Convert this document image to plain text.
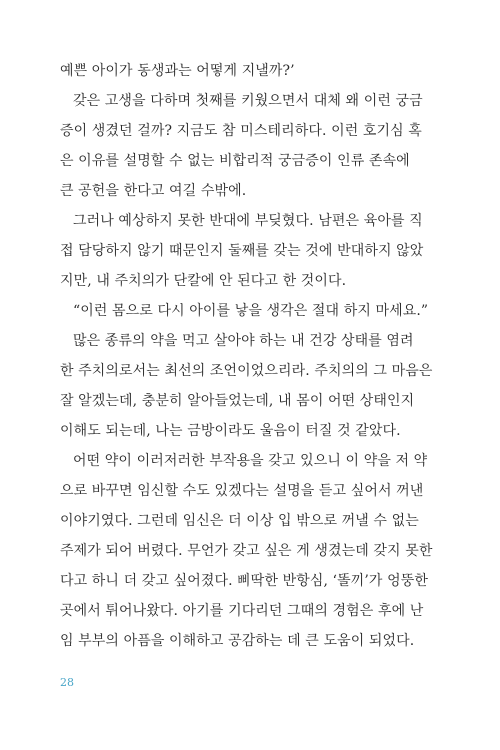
예쁜 아이가 동생과는 어떻게 지낼까?’

갖은 고생을 다하며 첫째를 키웠으면서 대체 왜 이런 궁금
증이 생겼던 걸까? 지금도 참 미스테리하다. 이런 호기심 혹
은 이유를 설명할 수 없는 비합리적 궁금증이 인류 존속에
큰 공헌을 한다고 여길 수밖에.

그러나 예상하지 못한 반대에 부딪혔다. 남편은 육아를 직
접 담당하지 않기 때문인지 둘째를 갖는 것에 반대하지 않았
지만, 내 주치의가 단칼에 안 된다고 한 것이다.

“이런 몸으로 다시 아이를 낳을 생각은 절대 하지 마세요.”

많은 종류의 약을 먹고 살아야 하는 내 건강 상태를 염려
한 주치의로서는 최선의 조언이었으리라. 주치의의 그 마음은
잘 알겠는데, 충분히 알아들었는데, 내 몸이 어떤 상태인지
이해도 되는데, 나는 금방이라도 울음이 터질 것 같았다.

어떤 약이 이러저러한 부작용을 갖고 있으니 이 약을 저 약
으로 바꾸면 임신할 수도 있겠다는 설명을 듣고 싶어서 꺼낸
이야기였다. 그런데 임신은 더 이상 입 밖으로 꺼낼 수 없는
주제가 되어 버렸다. 무언가 갖고 싶은 게 생겼는데 갖지 못한
다고 하니 더 갖고 싶어졌다. 삐딱한 반항심, ‘똘끼’가 엉뚱한
곳에서 튀어나왔다. 아기를 기다리던 그때의 경험은 후에 난
임 부부의 아픔을 이해하고 공감하는 데 큰 도움이 되었다.

28
